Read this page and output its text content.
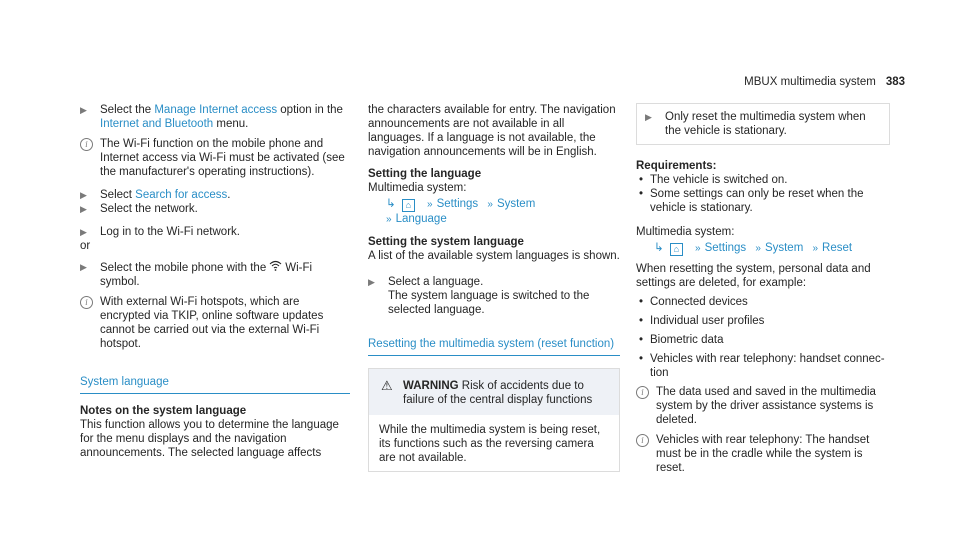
MBUX multimedia system 383
▶	Select the Manage Internet access option in the Internet and Bluetooth menu.
i	The Wi-Fi function on the mobile phone and Internet access via Wi-Fi must be activated (see the manufacturer's operating instructions).
▶	Select Search for access.
▶	Select the network.
▶	Log in to the Wi-Fi network.
or
▶	Select the mobile phone with the Wi-Fi symbol.
i	With external Wi-Fi hotspots, which are encrypted via TKIP, online software updates cannot be carried out via the external Wi-Fi hotspot.
System language
Notes on the system language
This function allows you to determine the language for the menu displays and the navigation announcements. The selected language affects
the characters available for entry. The navigation announcements are not available in all languages. If a language is not available, the navigation announcements will be in English.
Setting the language
Multimedia system:
↳ ⌂ » Settings » System
» Language
Setting the system language
A list of the available system languages is shown.
▶	Select a language.
The system language is switched to the selected language.
Resetting the multimedia system (reset function)
⚠ WARNING Risk of accidents due to failure of the central display functions
While the multimedia system is being reset, its functions such as the reversing camera are not available.
▶	Only reset the multimedia system when the vehicle is stationary.
Requirements:
• The vehicle is switched on.
• Some settings can only be reset when the vehicle is stationary.
Multimedia system:
↳ ⌂ » Settings » System » Reset
When resetting the system, personal data and settings are deleted, for example:
• Connected devices
• Individual user profiles
• Biometric data
• Vehicles with rear telephony: handset connection
i	The data used and saved in the multimedia system by the driver assistance systems is deleted.
i	Vehicles with rear telephony: The handset must be in the cradle while the system is reset.
